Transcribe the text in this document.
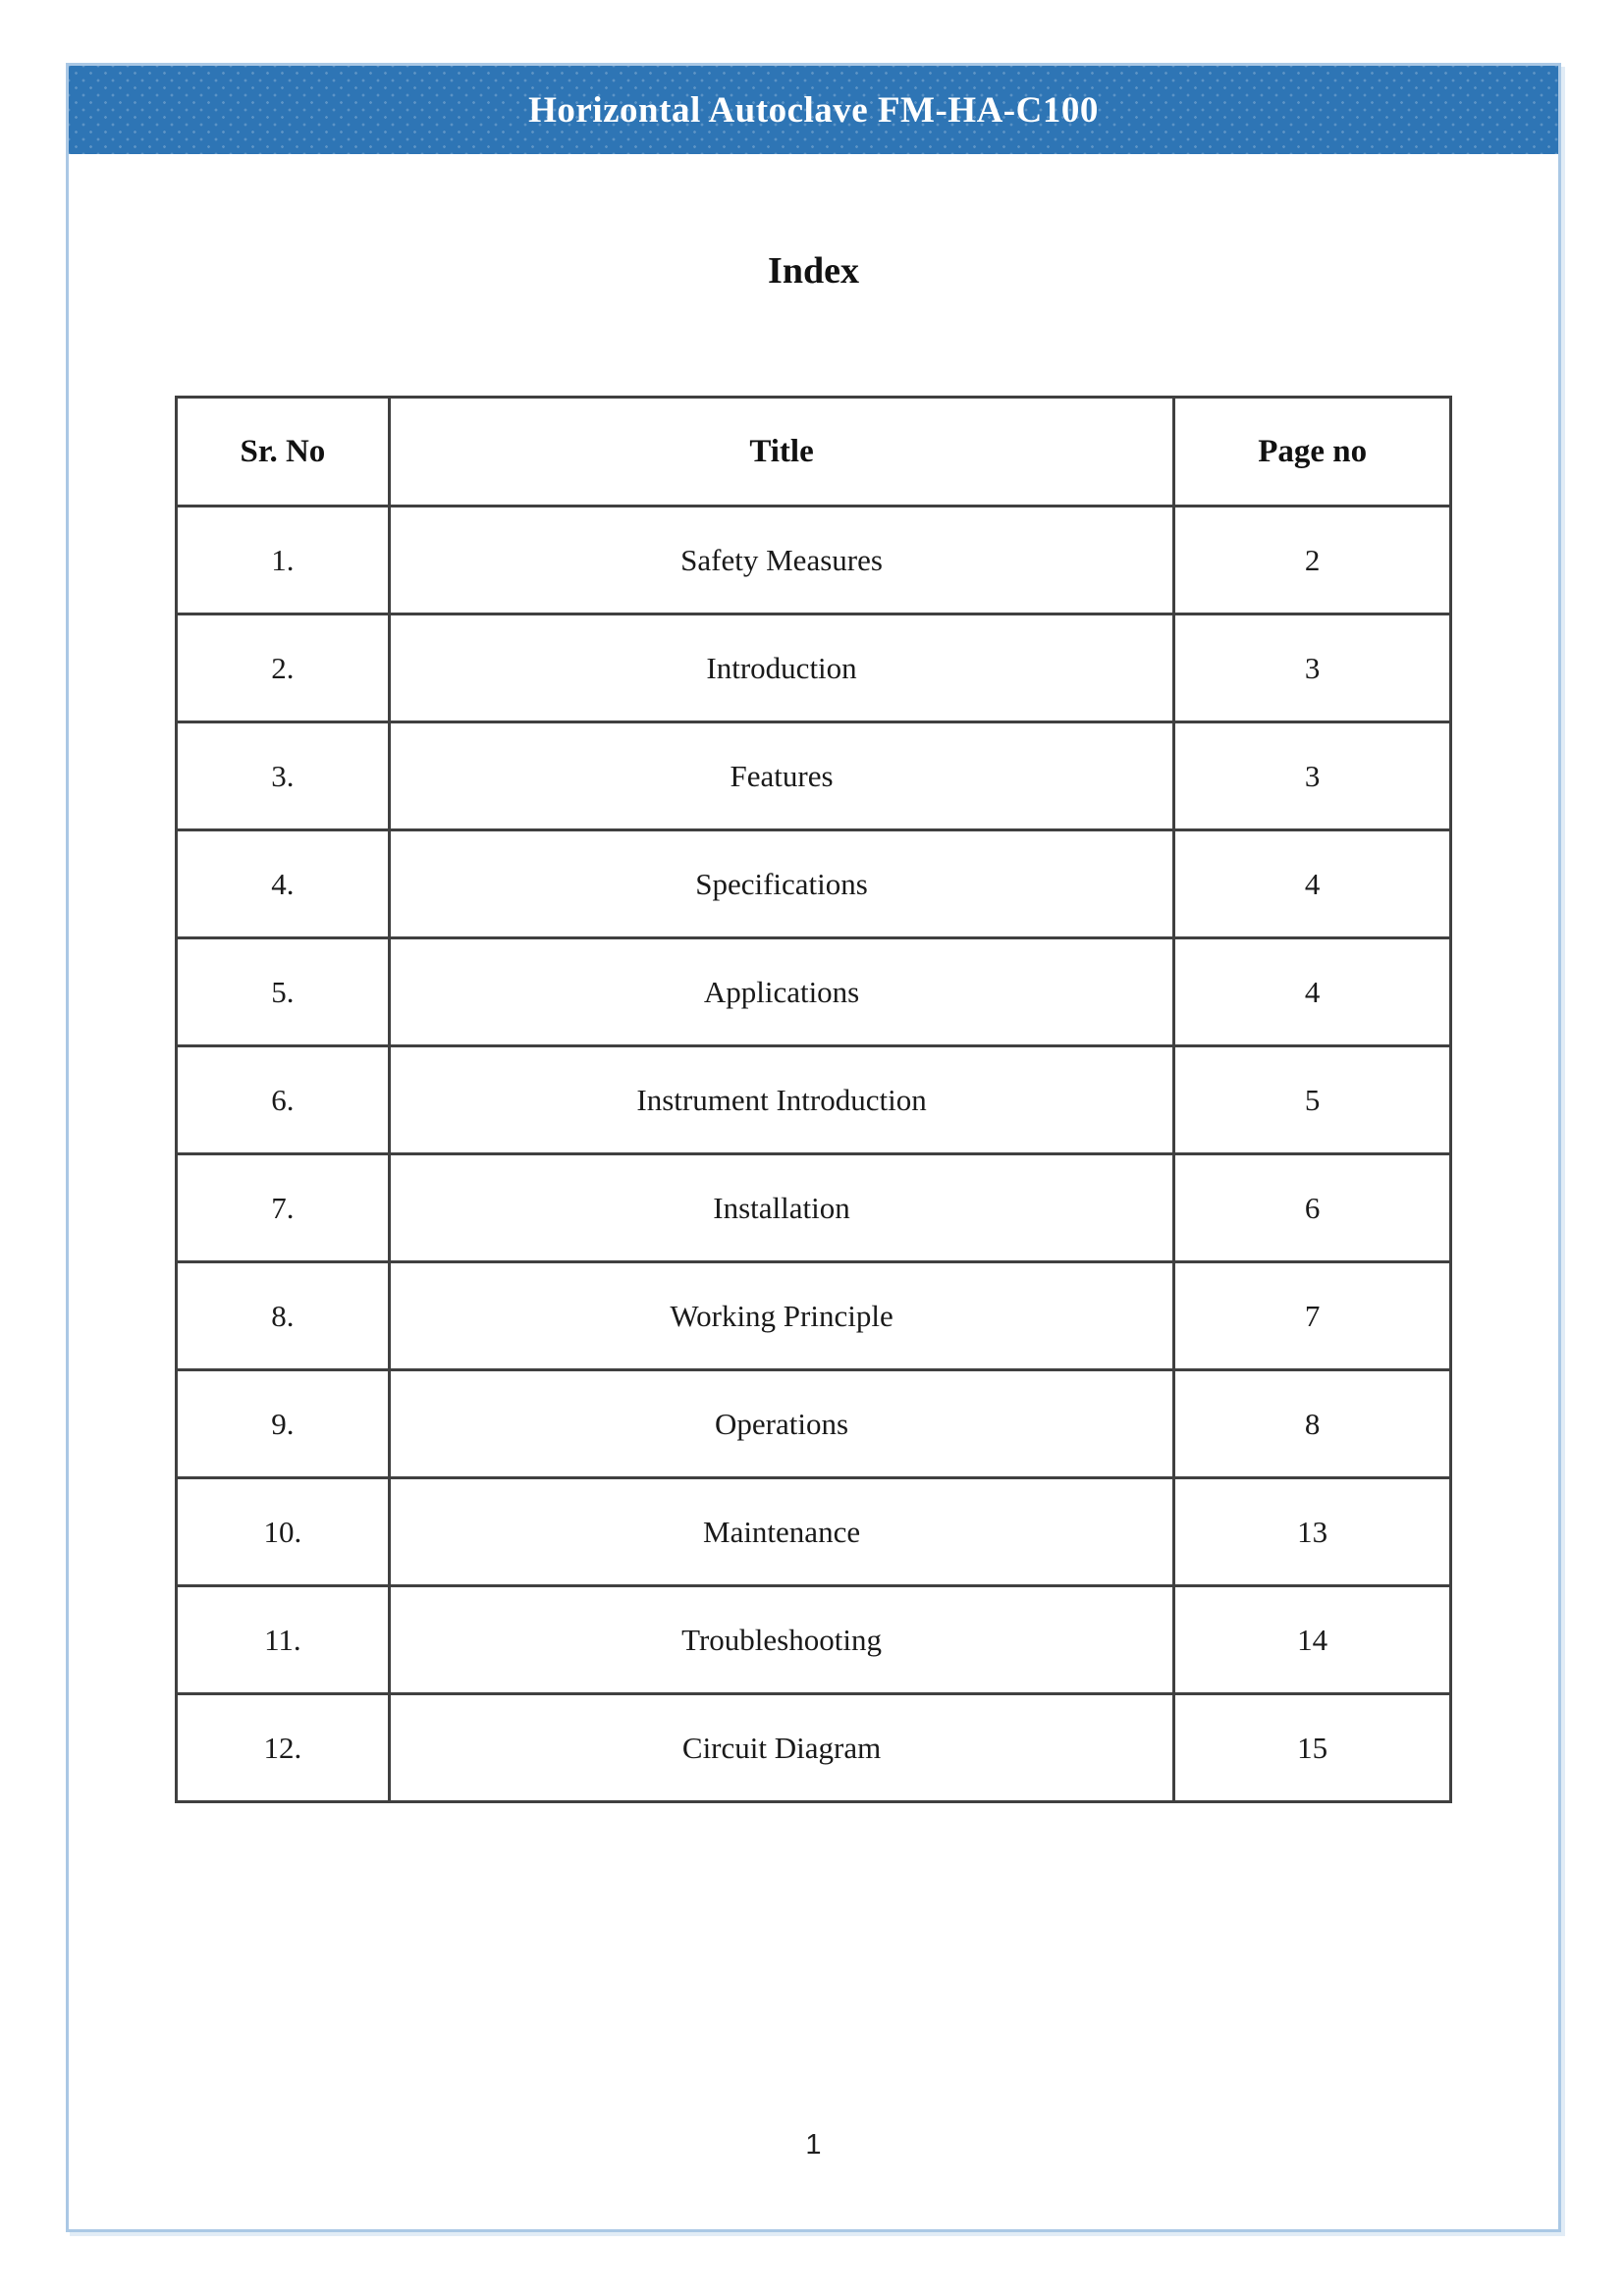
Horizontal Autoclave FM-HA-C100
Index
Sr. No	Title	Page no
1.	Safety Measures	2
2.	Introduction	3
3.	Features	3
4.	Specifications	4
5.	Applications	4
6.	Instrument Introduction	5
7.	Installation	6
8.	Working Principle	7
9.	Operations	8
10.	Maintenance	13
11.	Troubleshooting	14
12.	Circuit Diagram	15
1
